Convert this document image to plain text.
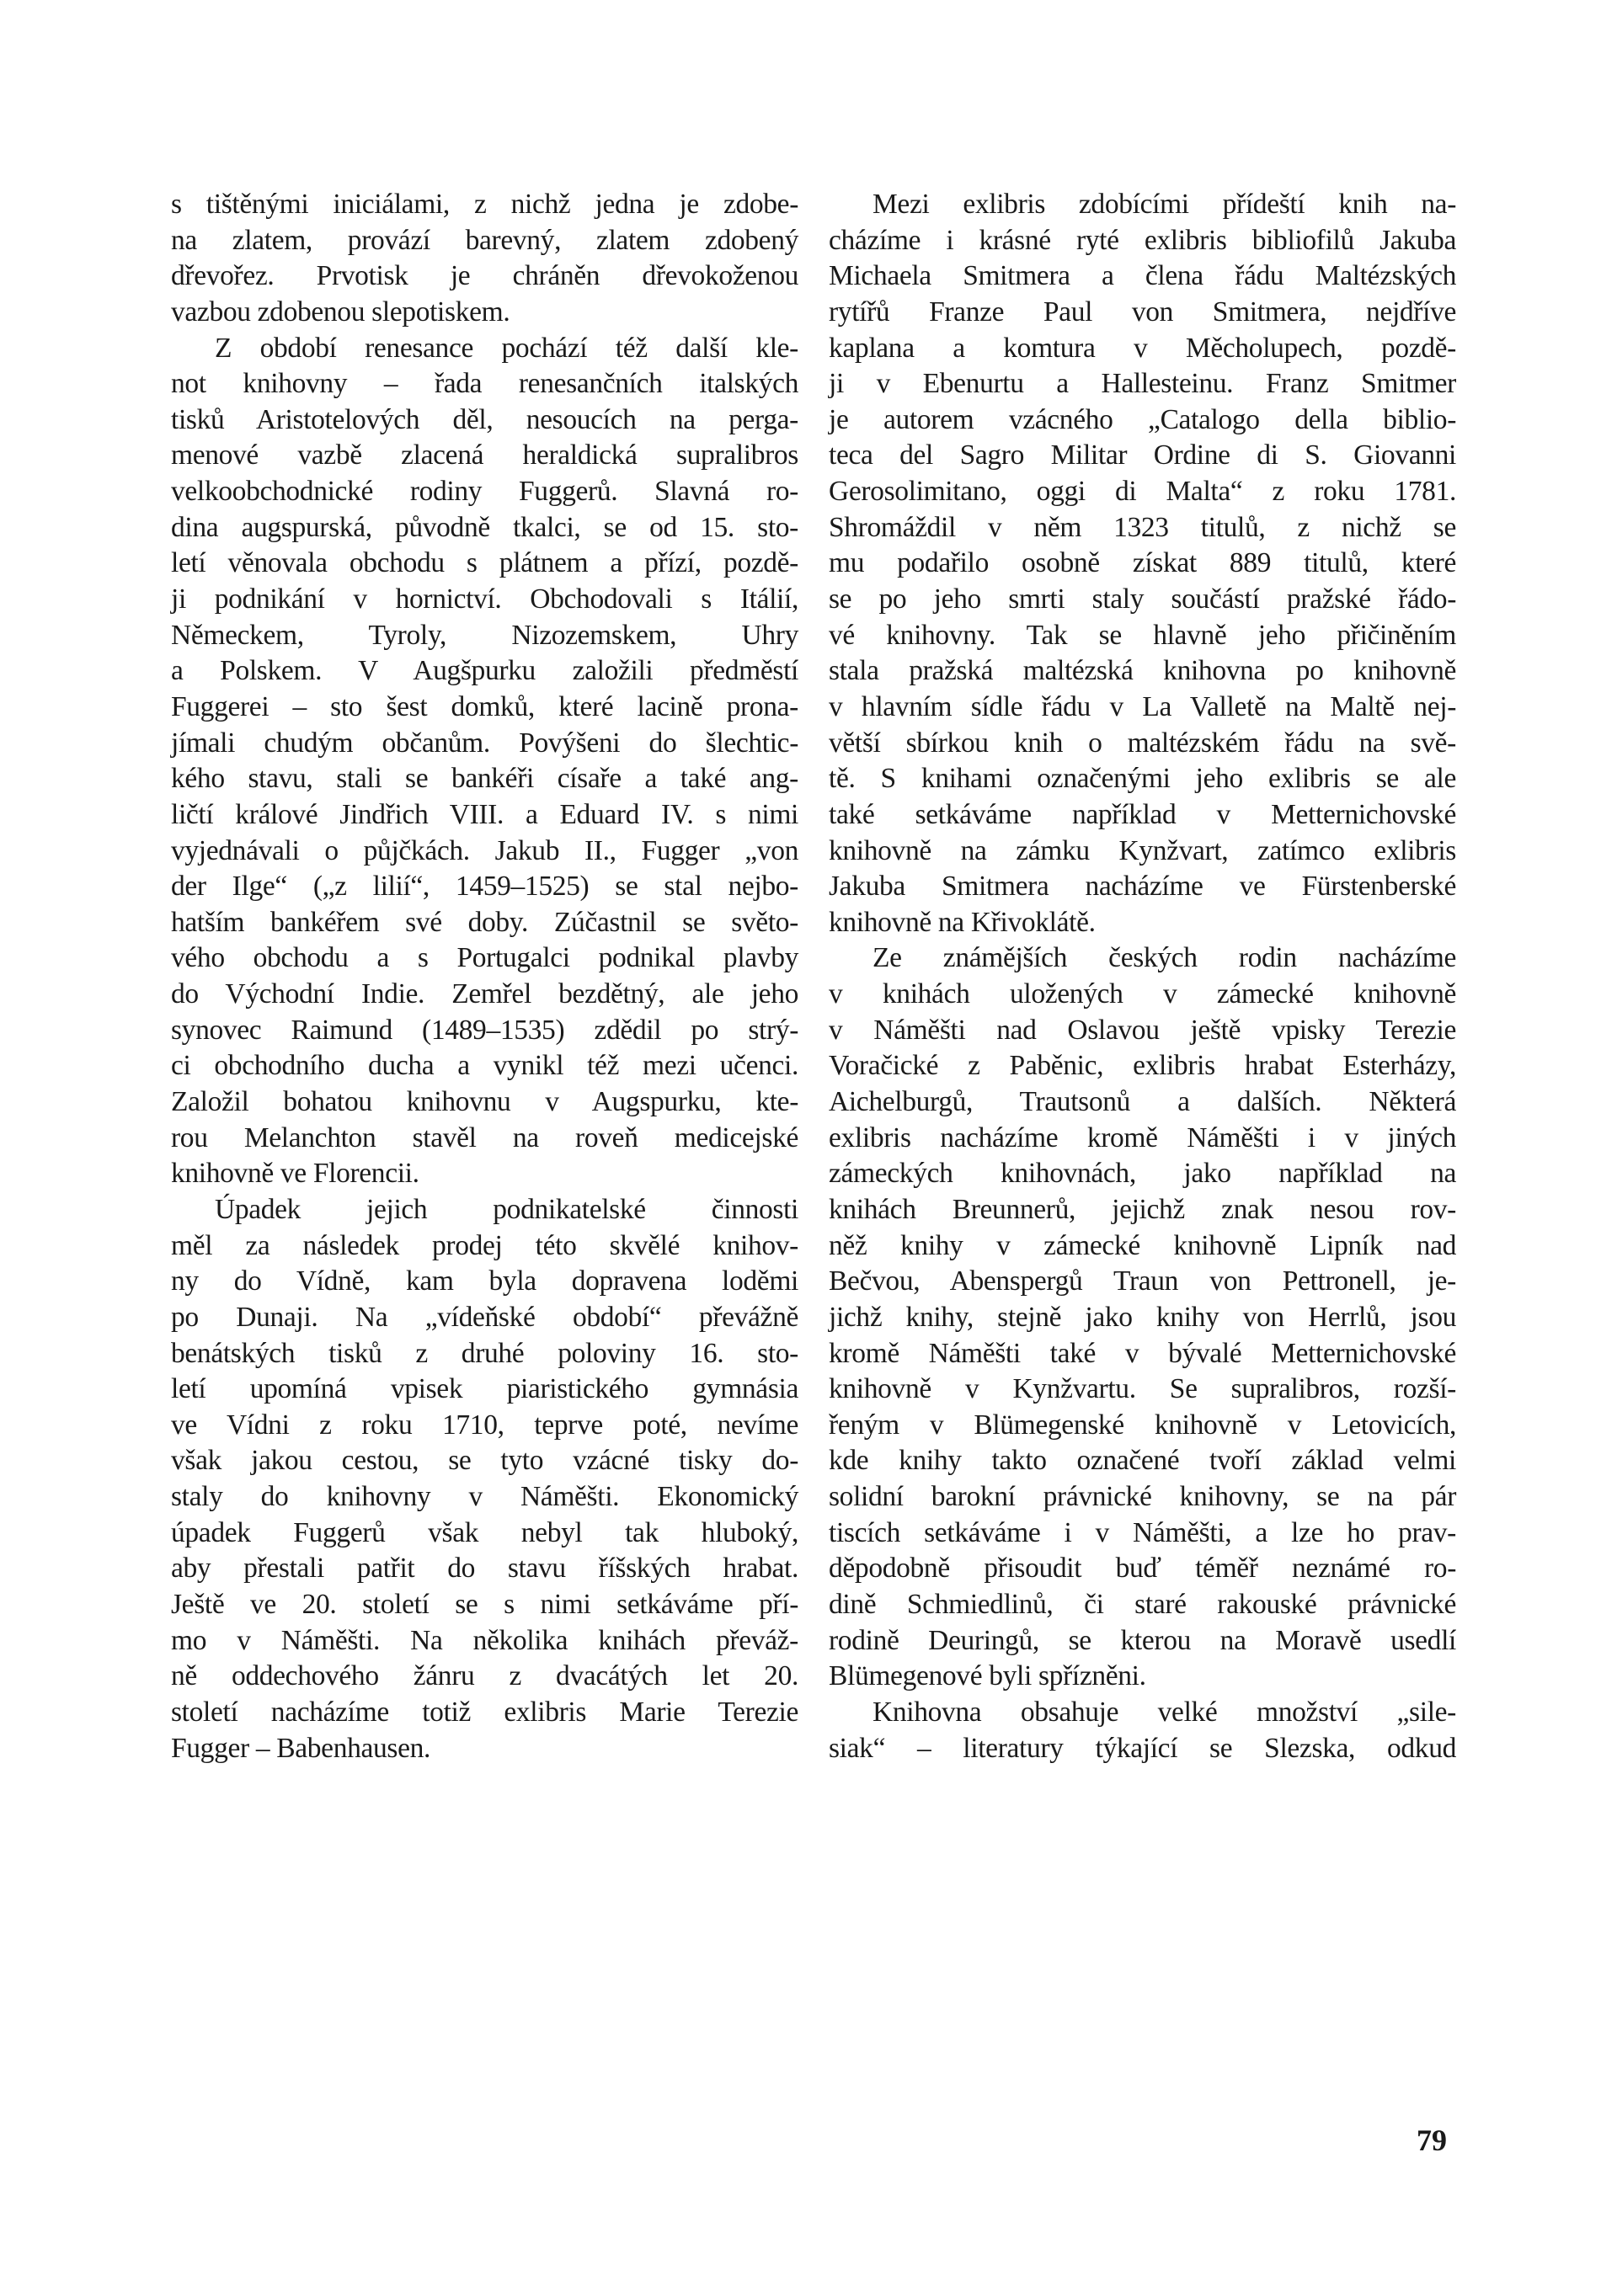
s tištěnými iniciálami, z nichž jedna je zdobe-
na zlatem, provází barevný, zlatem zdobený
dřevořez. Prvotisk je chráněn dřevokoženou
vazbou zdobenou slepotiskem.
Z období renesance pochází též další kle-
not knihovny – řada renesančních italských
tisků Aristotelových děl, nesoucích na perga-
menové vazbě zlacená heraldická supralibros
velkoobchodnické rodiny Fuggerů. Slavná ro-
dina augspurská, původně tkalci, se od 15. sto-
letí věnovala obchodu s plátnem a přízí, pozdě-
ji podnikání v hornictví. Obchodovali s Itálií,
Německem, Tyroly, Nizozemskem, Uhry
a Polskem. V Augšpurku založili předměstí
Fuggerei – sto šest domků, které lacině prona-
jímali chudým občanům. Povýšeni do šlechtic-
kého stavu, stali se bankéři císaře a také ang-
ličtí králové Jindřich VIII. a Eduard IV. s nimi
vyjednávali o půjčkách. Jakub II., Fugger „von
der Ilge“ („z lilií“, 1459–1525) se stal nejbo-
hatším bankéřem své doby. Zúčastnil se světo-
vého obchodu a s Portugalci podnikal plavby
do Východní Indie. Zemřel bezdětný, ale jeho
synovec Raimund (1489–1535) zdědil po strý-
ci obchodního ducha a vynikl též mezi učenci.
Založil bohatou knihovnu v Augspurku, kte-
rou Melanchton stavěl na roveň medicejské
knihovně ve Florencii.
Úpadek jejich podnikatelské činnosti
měl za následek prodej této skvělé knihov-
ny do Vídně, kam byla dopravena loděmi
po Dunaji. Na „vídeňské období“ převážně
benátských tisků z druhé poloviny 16. sto-
letí upomíná vpisek piaristického gymnásia
ve Vídni z roku 1710, teprve poté, nevíme
však jakou cestou, se tyto vzácné tisky do-
staly do knihovny v Náměšti. Ekonomický
úpadek Fuggerů však nebyl tak hluboký,
aby přestali patřit do stavu říšských hrabat.
Ještě ve 20. století se s nimi setkáváme pří-
mo v Náměšti. Na několika knihách převáž-
ně oddechového žánru z dvacátých let 20.
století nacházíme totiž exlibris Marie Terezie
Fugger – Babenhausen.
Mezi exlibris zdobícími přídeští knih na-
cházíme i krásné ryté exlibris bibliofilů Jakuba
Michaela Smitmera a člena řádu Maltézských
rytířů Franze Paul von Smitmera, nejdříve
kaplana a komtura v Měcholupech, pozdě-
ji v Ebenurtu a Hallesteinu. Franz Smitmer
je autorem vzácného „Catalogo della biblio-
teca del Sagro Militar Ordine di S. Giovanni
Gerosolimitano, oggi di Malta“ z roku 1781.
Shromáždil v něm 1323 titulů, z nichž se
mu podařilo osobně získat 889 titulů, které
se po jeho smrti staly součástí pražské řádo-
vé knihovny. Tak se hlavně jeho přičiněním
stala pražská maltézská knihovna po knihovně
v hlavním sídle řádu v La Valletě na Maltě nej-
větší sbírkou knih o maltézském řádu na svě-
tě. S knihami označenými jeho exlibris se ale
také setkáváme například v Metternichovské
knihovně na zámku Kynžvart, zatímco exlibris
Jakuba Smitmera nacházíme ve Fürstenberské
knihovně na Křivoklátě.
Ze známějších českých rodin nacházíme
v knihách uložených v zámecké knihovně
v Náměšti nad Oslavou ještě vpisky Terezie
Voračické z Paběnic, exlibris hrabat Esterházy,
Aichelburgů, Trautsonů a dalších. Některá
exlibris nacházíme kromě Náměšti i v jiných
zámeckých knihovnách, jako například na
knihách Breunnerů, jejichž znak nesou rov-
něž knihy v zámecké knihovně Lipník nad
Bečvou, Abenspergů Traun von Pettronell, je-
jichž knihy, stejně jako knihy von Herrlů, jsou
kromě Náměšti také v bývalé Metternichovské
knihovně v Kynžvartu. Se supralibros, rozší-
řeným v Blümegenské knihovně v Letovicích,
kde knihy takto označené tvoří základ velmi
solidní barokní právnické knihovny, se na pár
tiscích setkáváme i v Náměšti, a lze ho prav-
děpodobně přisoudit buď téměř neznámé ro-
dině Schmiedlinů, či staré rakouské právnické
rodině Deuringů, se kterou na Moravě usedlí
Blümegenové byli spřízněni.
Knihovna obsahuje velké množství „sile-
siak“ – literatury týkající se Slezska, odkud
79
